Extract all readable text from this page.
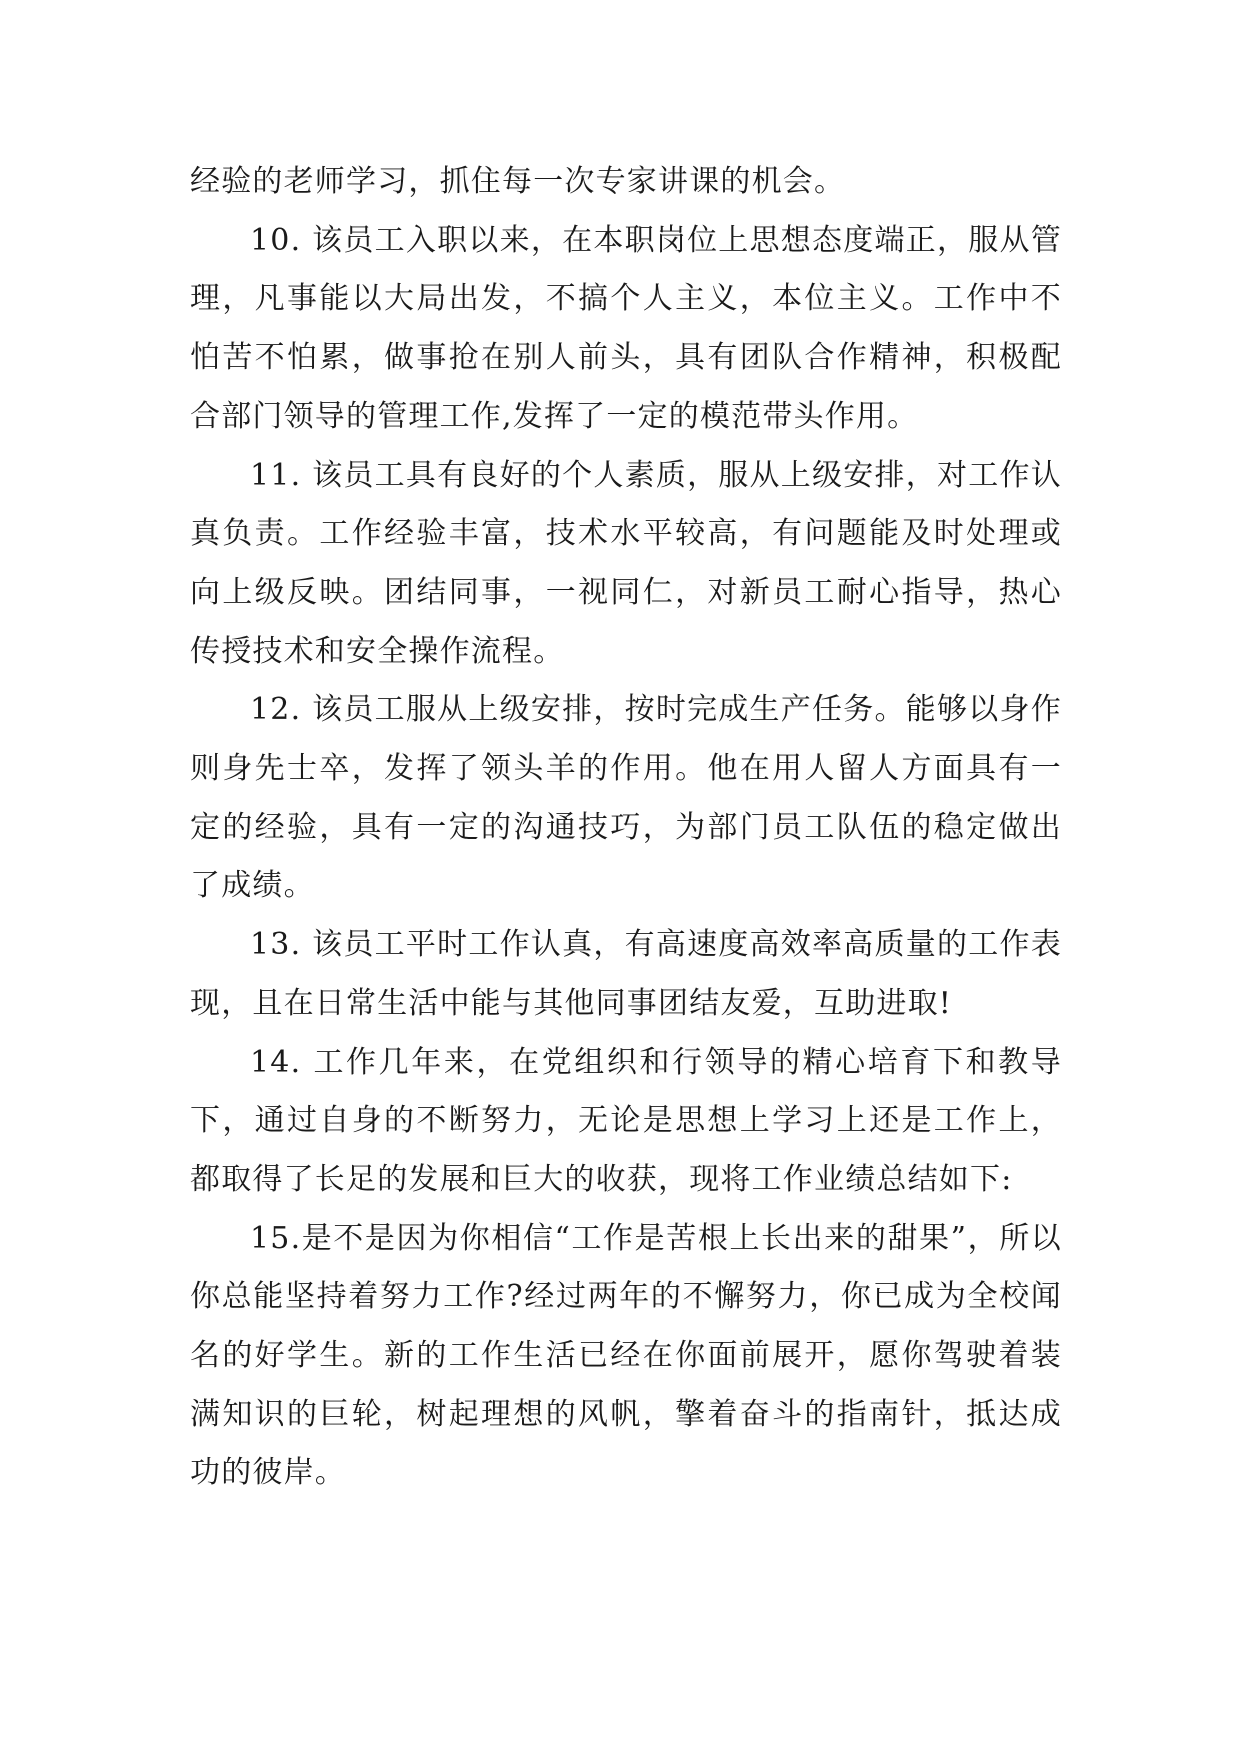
经验的老师学习，抓住每一次专家讲课的机会。

10. 该员工入职以来，在本职岗位上思想态度端正，服从管理，凡事能以大局出发，不搞个人主义，本位主义。工作中不怕苦不怕累，做事抢在别人前头，具有团队合作精神，积极配合部门领导的管理工作,发挥了一定的模范带头作用。

11. 该员工具有良好的个人素质，服从上级安排，对工作认真负责。工作经验丰富，技术水平较高，有问题能及时处理或向上级反映。团结同事，一视同仁，对新员工耐心指导，热心传授技术和安全操作流程。

12. 该员工服从上级安排，按时完成生产任务。能够以身作则身先士卒，发挥了领头羊的作用。他在用人留人方面具有一定的经验，具有一定的沟通技巧，为部门员工队伍的稳定做出了成绩。

13. 该员工平时工作认真，有高速度高效率高质量的工作表现，且在日常生活中能与其他同事团结友爱，互助进取!

14. 工作几年来，在党组织和行领导的精心培育下和教导下，通过自身的不断努力，无论是思想上学习上还是工作上，都取得了长足的发展和巨大的收获，现将工作业绩总结如下:

15.是不是因为你相信“工作是苦根上长出来的甜果”，所以你总能坚持着努力工作?经过两年的不懈努力，你已成为全校闻名的好学生。新的工作生活已经在你面前展开，愿你驾驶着装满知识的巨轮，树起理想的风帆，擎着奋斗的指南针，抵达成功的彼岸。
